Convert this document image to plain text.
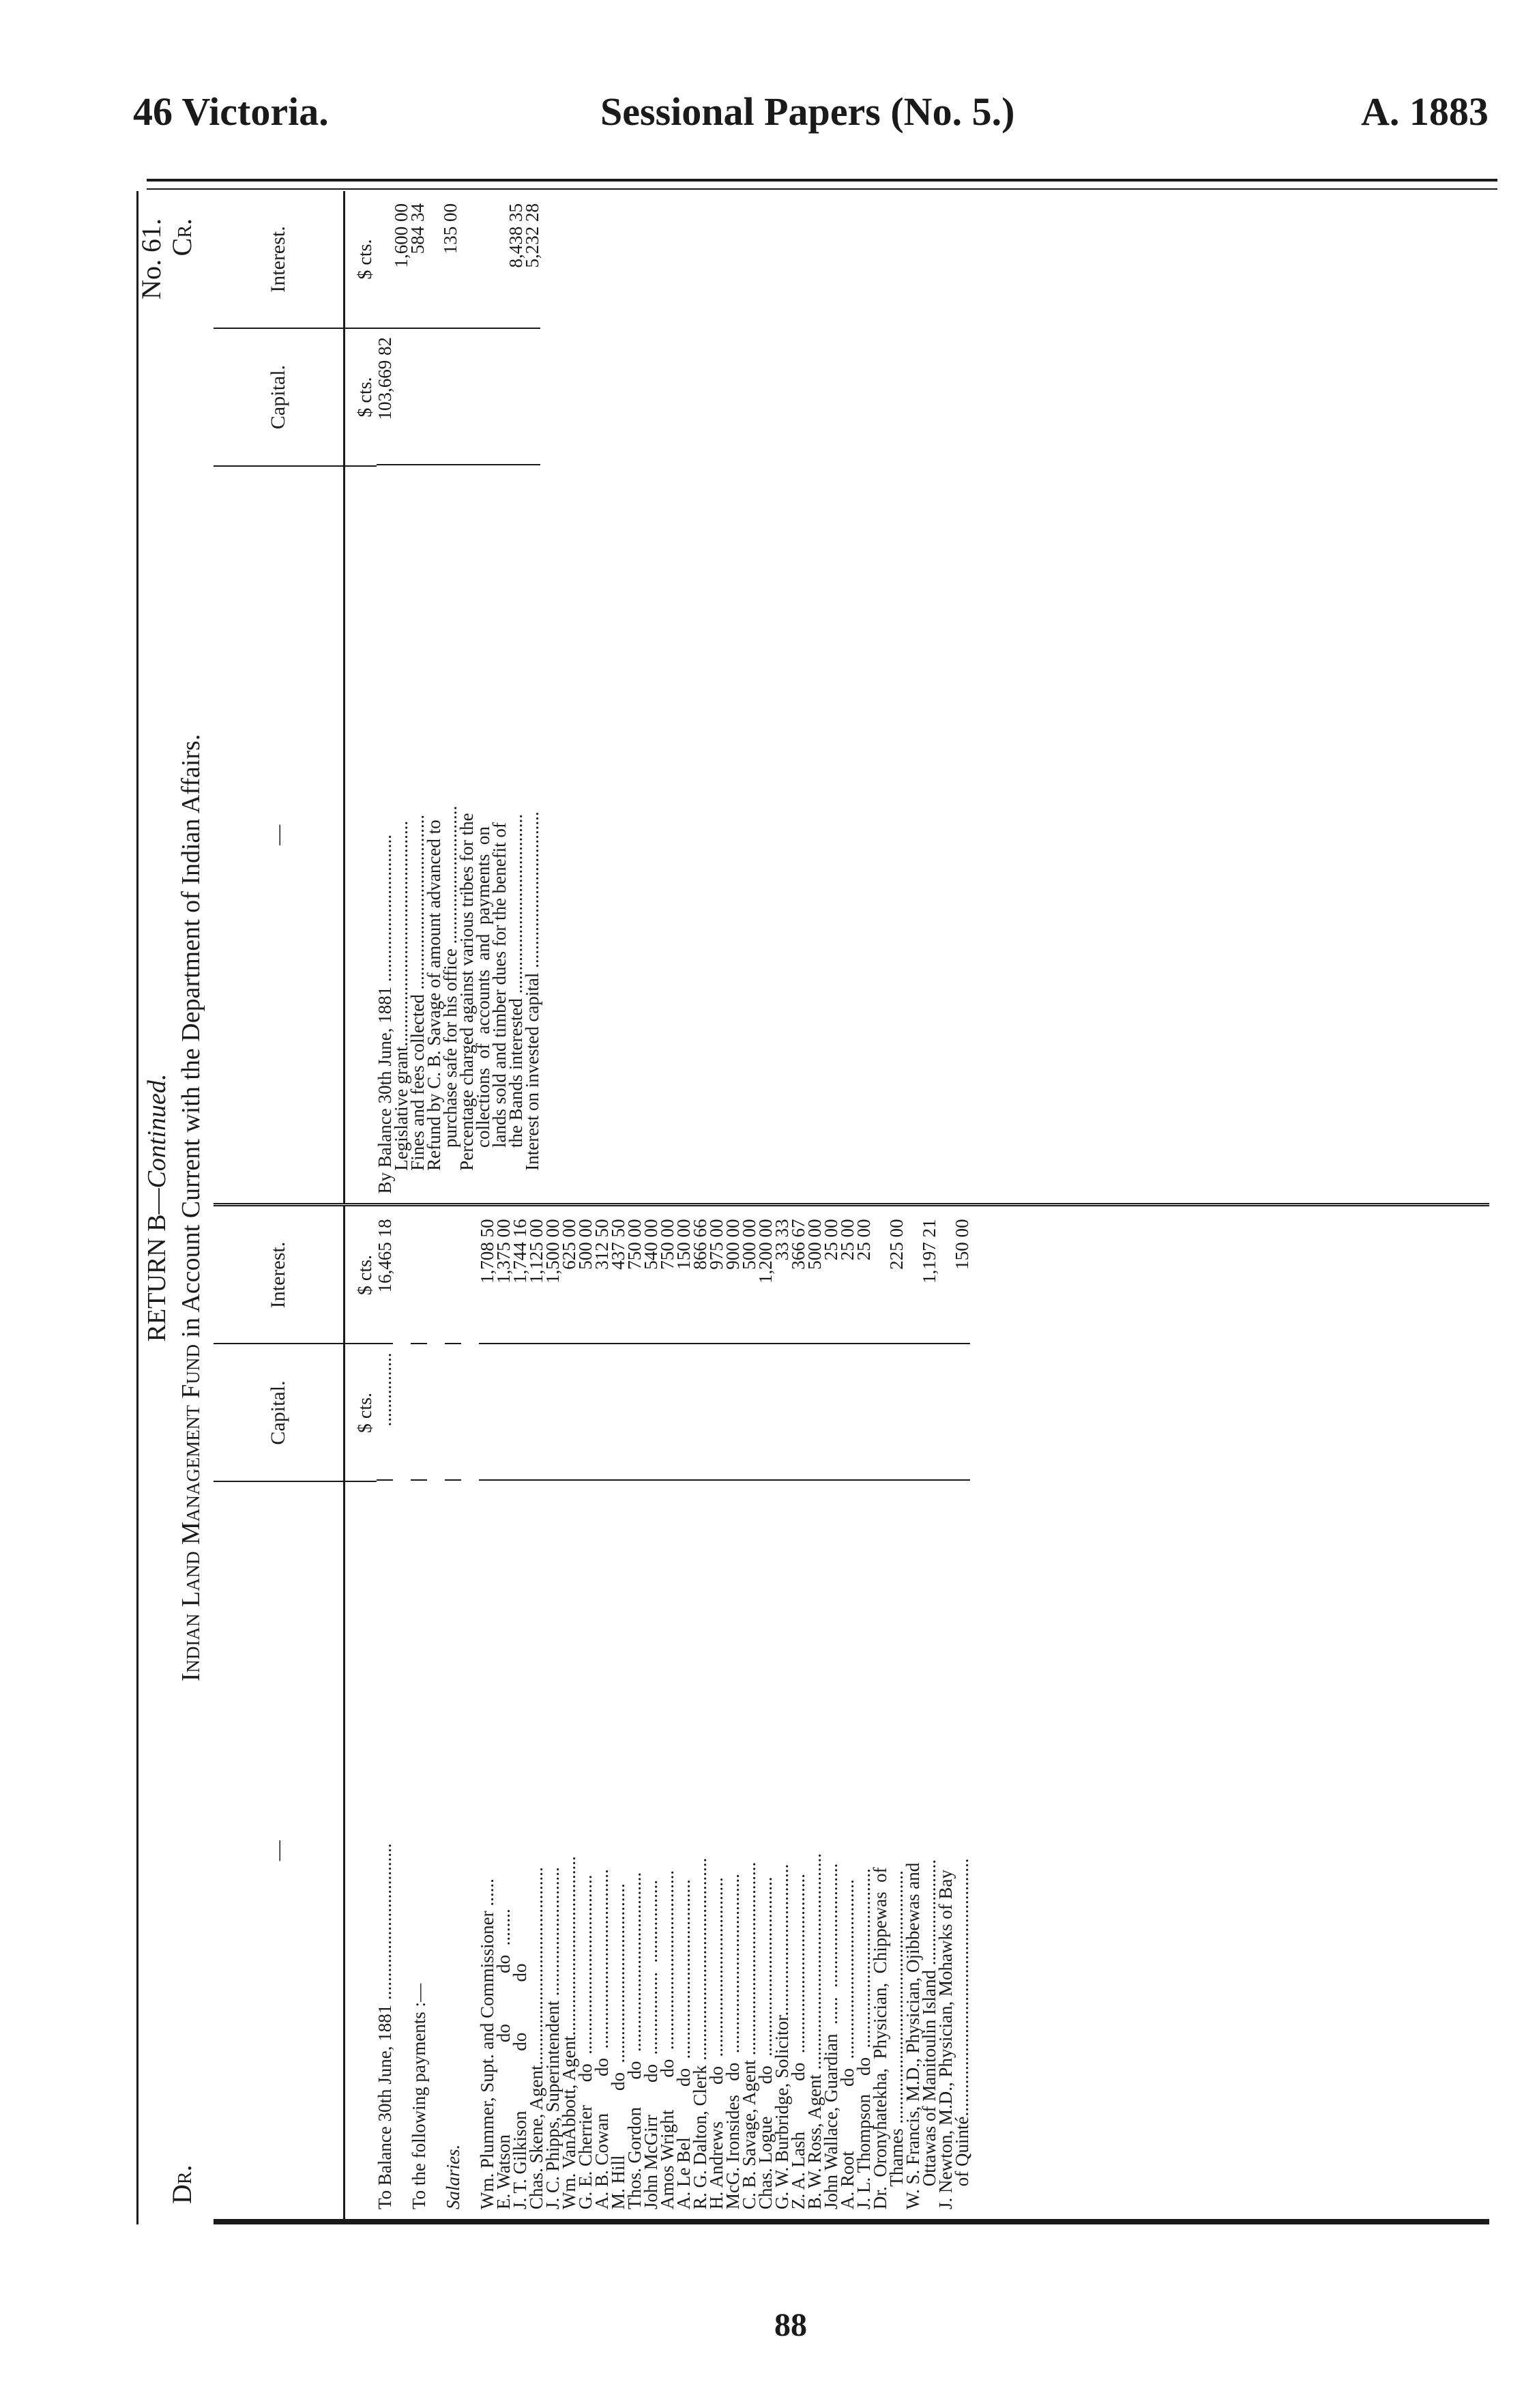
46 Victoria.	Sessional Papers (No. 5.)	A. 1883
Dr.
RETURN B—Continued.
Indian Land Management Fund in Account Current with the Department of Indian Affairs.
No. 61. Cr.
—
Capital.
Interest.
$ cts.
$ cts.
To Balance 30th June, 1881 ..................................
................
16,465 18
To the following payments :— Salaries. Wm. Plummer, Supt. and Commissioner ......
1,708 50
E. Watson                    do           do  ........
1,375 00
J. T. Gilkison             do           do
1,744 16
Chas. Skene, Agent...........................................
1,125 00
J. C. Phipps, Superintendent ............................
1,500 00
Wm. VanAbbott, Agent.......................................
625 00
G. E. Cherrier     do  .......................................
500 00
A. B. Cowan        do  .......................................
312 50
M. Hill              do  .......................................
437 50
Thos. Gordon      do  .......................................
750 00
John McGirr       do  ..................  ..................
540 00
Amos Wright       do  .......................................
750 00
A. Le Bel           do  .......................................
150 00
R. G. Dalton, Clerk ............................................
866 66
H. Andrews        do  .......................................
975 00
McG. Ironsides   do  .......................................
900 00
C. B. Savage, Agent ..........................................
500 00
Chas. Logue       do  .......................................
1,200 00
G. W. Burbridge, Solicitor.................................
33 33
Z. A. Lash           do  .......................................
366 67
B. W. Ross, Agent ...............................................
500 00
John Wallace, Guardian  ......  ...........................
25 00
A. Root              do  .......................................
25 00
J. L. Thompson    do  .......................................
25 00
Dr.  Oronyhatekha,  Physician,  Chippewas  of
Thames .......................................................
225 00
W. S. Francis, M.D., Physician, Ojibbewas and
Ottawas of Manitoulin Island .......................
1,197 21
J. Newton, M.D., Physician, Mohawks of Bay
of Quinté........................................................
150 00
—
Capital.
Interest.
$ cts.
$ cts.
By Balance 30th June, 1881 ................................
103,669 82
Legislative grant.................................................
1,600 00
Fines and fees collected ......................................
584 34
Refund by C. B. Savage of amount advanced to
purchase safe for his office ..............................
135 00
Percentage charged against various tribes for the
collections  of  accounts  and  payments  on
lands sold and timber dues for the benefit of
the Bands interested .......................................
8,438 35
Interest on invested capital ..................................
5,232 28
88
